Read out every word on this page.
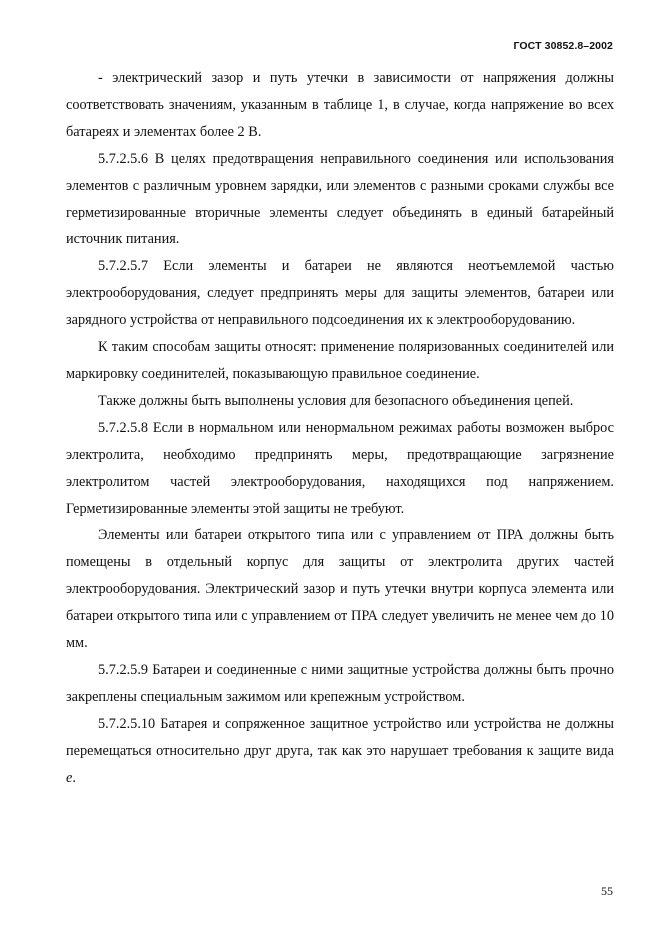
ГОСТ 30852.8–2002

- электрический зазор и путь утечки в зависимости от напряжения должны соответствовать значениям, указанным в таблице 1, в случае, когда напряжение во всех батареях и элементах более 2 В.

5.7.2.5.6 В целях предотвращения неправильного соединения или использования элементов с различным уровнем зарядки, или элементов с разными сроками службы все герметизированные вторичные элементы следует объединять в единый батарейный источник питания.

5.7.2.5.7 Если элементы и батареи не являются неотъемлемой частью электрооборудования, следует предпринять меры для защиты элементов, батареи или зарядного устройства от неправильного подсоединения их к электрооборудованию.

К таким способам защиты относят: применение поляризованных соединителей или маркировку соединителей, показывающую правильное соединение.

Также должны быть выполнены условия для безопасного объединения цепей.

5.7.2.5.8 Если в нормальном или ненормальном режимах работы возможен выброс электролита, необходимо предпринять меры, предотвращающие загрязнение электролитом частей электрооборудования, находящихся под напряжением. Герметизированные элементы этой защиты не требуют.

Элементы или батареи открытого типа или с управлением от ПРА должны быть помещены в отдельный корпус для защиты от электролита других частей электрооборудования. Электрический зазор и путь утечки внутри корпуса элемента или батареи открытого типа или с управлением от ПРА следует увеличить не менее чем до 10 мм.

5.7.2.5.9 Батареи и соединенные с ними защитные устройства должны быть прочно закреплены специальным зажимом или крепежным устройством.

5.7.2.5.10 Батарея и сопряженное защитное устройство или устройства не должны перемещаться относительно друг друга, так как это нарушает требования к защите вида е.

55
